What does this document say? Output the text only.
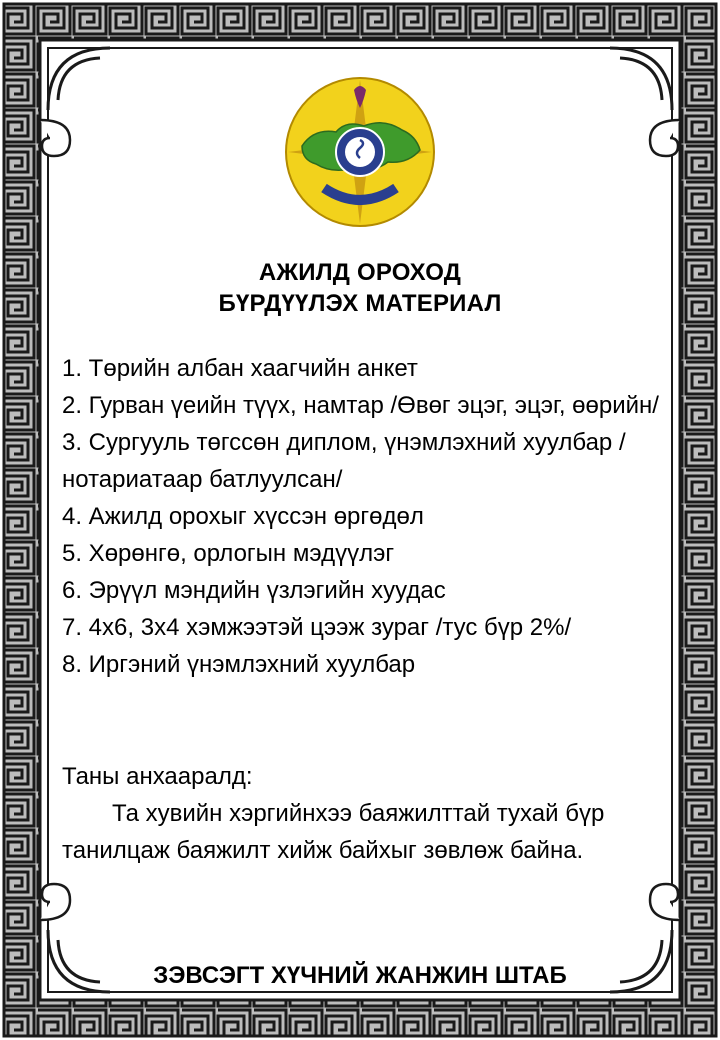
АЖИЛД ОРОХОД
БҮРДҮҮЛЭХ МАТЕРИАЛ
1. Төрийн албан хаагчийн анкет
2. Гурван үеийн түүх, намтар /Өвөг эцэг, эцэг, өөрийн/
3. Сургууль төгссөн диплом, үнэмлэхний хуулбар /нотариатаар батлуулсан/
4. Ажилд орохыг хүссэн өргөдөл
5. Хөрөнгө, орлогын мэдүүлэг
6. Эрүүл мэндийн үзлэгийн хуудас
7. 4х6, 3х4 хэмжээтэй цээж зураг /тус бүр 2%/
8. Иргэний үнэмлэхний хуулбар
Таны анхааралд:
Та хувийн хэргийнхээ баяжилттай тухай бүр танилцаж баяжилт хийж байхыг зөвлөж байна.
ЗЭВСЭГТ ХҮЧНИЙ ЖАНЖИН ШТАБ
